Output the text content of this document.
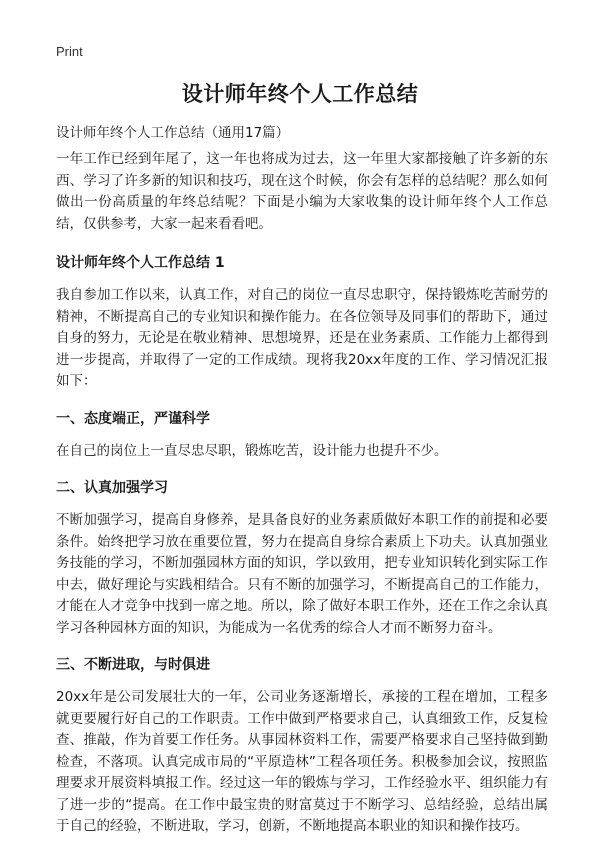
Print
设计师年终个人工作总结
设计师年终个人工作总结（通用17篇）

一年工作已经到年尾了，这一年也将成为过去，这一年里大家都接触了许多新的东西、学习了许多新的知识和技巧，现在这个时候，你会有怎样的总结呢？那么如何做出一份高质量的年终总结呢？下面是小编为大家收集的设计师年终个人工作总结，仅供参考，大家一起来看看吧。

设计师年终个人工作总结 1

我自参加工作以来，认真工作，对自己的岗位一直尽忠职守，保持锻炼吃苦耐劳的精神，不断提高自己的专业知识和操作能力。在各位领导及同事们的帮助下，通过自身的努力，无论是在敬业精神、思想境界，还是在业务素质、工作能力上都得到进一步提高，并取得了一定的工作成绩。现将我20xx年度的工作、学习情况汇报如下：

一、态度端正，严谨科学

在自己的岗位上一直尽忠尽职，锻炼吃苦，设计能力也提升不少。

二、认真加强学习

不断加强学习，提高自身修养，是具备良好的业务素质做好本职工作的前提和必要条件。始终把学习放在重要位置，努力在提高自身综合素质上下功夫。认真加强业务技能的学习，不断加强园林方面的知识，学以致用，把专业知识转化到实际工作中去，做好理论与实践相结合。只有不断的加强学习，不断提高自己的工作能力，才能在人才竞争中找到一席之地。所以，除了做好本职工作外，还在工作之余认真学习各种园林方面的知识，为能成为一名优秀的综合人才而不断努力奋斗。

三、不断进取，与时俱进

20xx年是公司发展壮大的一年，公司业务逐渐增长，承接的工程在增加，工程多就更要履行好自己的工作职责。工作中做到严格要求自己，认真细致工作，反复检查、推敲，作为首要工作任务。从事园林资料工作，需要严格要求自己坚持做到勤检查，不落项。认真完成市局的“平原造林”工程各项任务。积极参加会议，按照监理要求开展资料填报工作。经过这一年的锻炼与学习，工作经验水平、组织能力有了进一步的“提高。在工作中最宝贵的财富莫过于不断学习、总结经验，总结出属于自己的经验，不断进取，学习，创新，不断地提高本职业的知识和操作技巧。
